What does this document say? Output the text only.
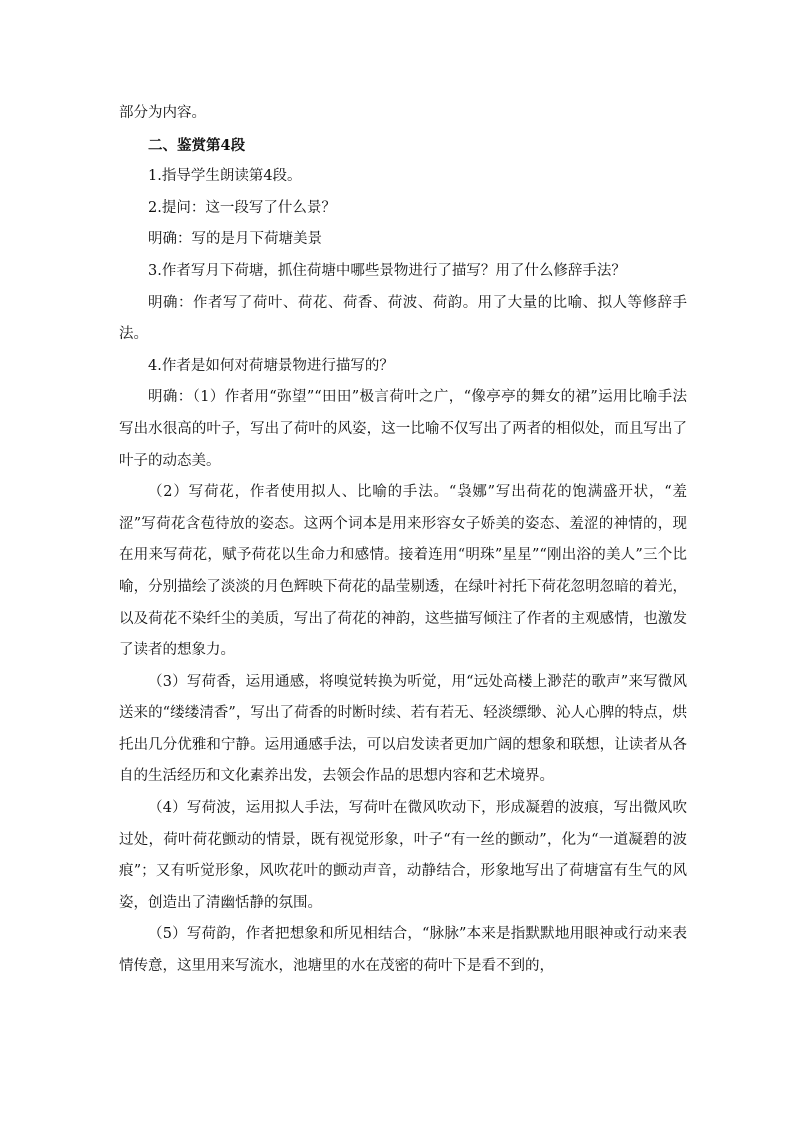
部分为内容。

二、鉴赏第4段

1.指导学生朗读第4段。

2.提问：这一段写了什么景？

明确：写的是月下荷塘美景

3.作者写月下荷塘，抓住荷塘中哪些景物进行了描写？用了什么修辞手法？

明确：作者写了荷叶、荷花、荷香、荷波、荷韵。用了大量的比喻、拟人等修辞手法。

4.作者是如何对荷塘景物进行描写的？

明确：（1）作者用“弥望”“田田”极言荷叶之广，“像亭亭的舞女的裙”运用比喻手法写出水很高的叶子，写出了荷叶的风姿，这一比喻不仅写出了两者的相似处，而且写出了叶子的动态美。

（2）写荷花，作者使用拟人、比喻的手法。“袅娜”写出荷花的饱满盛开状，“羞涩”写荷花含苞待放的姿态。这两个词本是用来形容女子娇美的姿态、羞涩的神情的，现在用来写荷花，赋予荷花以生命力和感情。接着连用“明珠”星星”“刚出浴的美人”三个比喻，分别描绘了淡淡的月色辉映下荷花的晶莹剔透，在绿叶衬托下荷花忽明忽暗的着光，以及荷花不染纤尘的美质，写出了荷花的神韵，这些描写倾注了作者的主观感情，也激发了读者的想象力。

（3）写荷香，运用通感，将嗅觉转换为听觉，用“远处高楼上渺茫的歌声”来写微风送来的“缕缕清香”，写出了荷香的时断时续、若有若无、轻淡缥缈、沁人心脾的特点，烘托出几分优雅和宁静。运用通感手法，可以启发读者更加广阔的想象和联想，让读者从各自的生活经历和文化素养出发，去领会作品的思想内容和艺术境界。

（4）写荷波，运用拟人手法，写荷叶在微风吹动下，形成凝碧的波痕，写出微风吹过处，荷叶荷花颤动的情景，既有视觉形象，叶子“有一丝的颤动”，化为“一道凝碧的波痕”；又有听觉形象，风吹花叶的颤动声音，动静结合，形象地写出了荷塘富有生气的风姿，创造出了清幽恬静的氛围。

（5）写荷韵，作者把想象和所见相结合，“脉脉”本来是指默默地用眼神或行动来表情传意，这里用来写流水，池塘里的水在茂密的荷叶下是看不到的，
